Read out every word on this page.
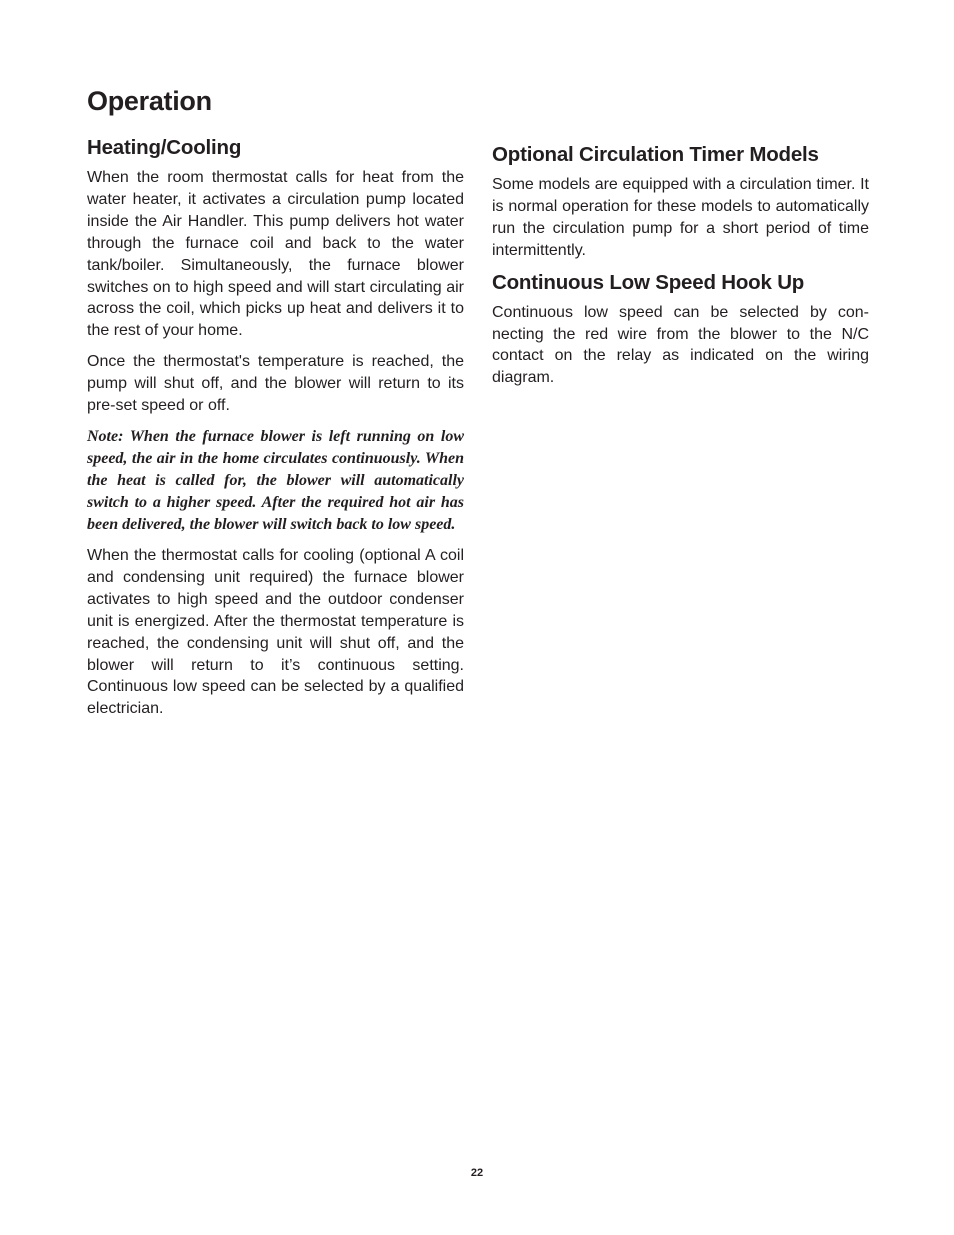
Operation
Heating/Cooling

When the room thermostat calls for heat from the water heater, it activates a circulation pump located inside the Air Handler. This pump delivers hot water through the furnace coil and back to the water tank/boiler. Simultaneously, the furnace blower switches on to high speed and will start circulating air across the coil, which picks up heat and delivers it to the rest of your home.

Once the thermostat's temperature is reached, the pump will shut off, and the blower will return to its pre-set speed or off.

Note: When the furnace blower is left running on low speed, the air in the home circulates continuously. When the heat is called for, the blower will automatically switch to a higher speed. After the required hot air has been delivered, the blower will switch back to low speed.

When the thermostat calls for cooling (optional A coil and condensing unit required) the furnace blower activates to high speed and the outdoor condenser unit is energized. After the thermostat temperature is reached, the condensing unit will shut off, and the blower will return to it’s continuous setting. Continuous low speed can be selected by a qualified electrician.

Optional Circulation Timer Models

Some models are equipped with a circulation timer. It is normal operation for these models to automatically run the circulation pump for a short period of time intermittently.

Continuous Low Speed Hook Up

Continuous low speed can be selected by connecting the red wire from the blower to the N/C contact on the relay as indicated on the wiring diagram.

22
